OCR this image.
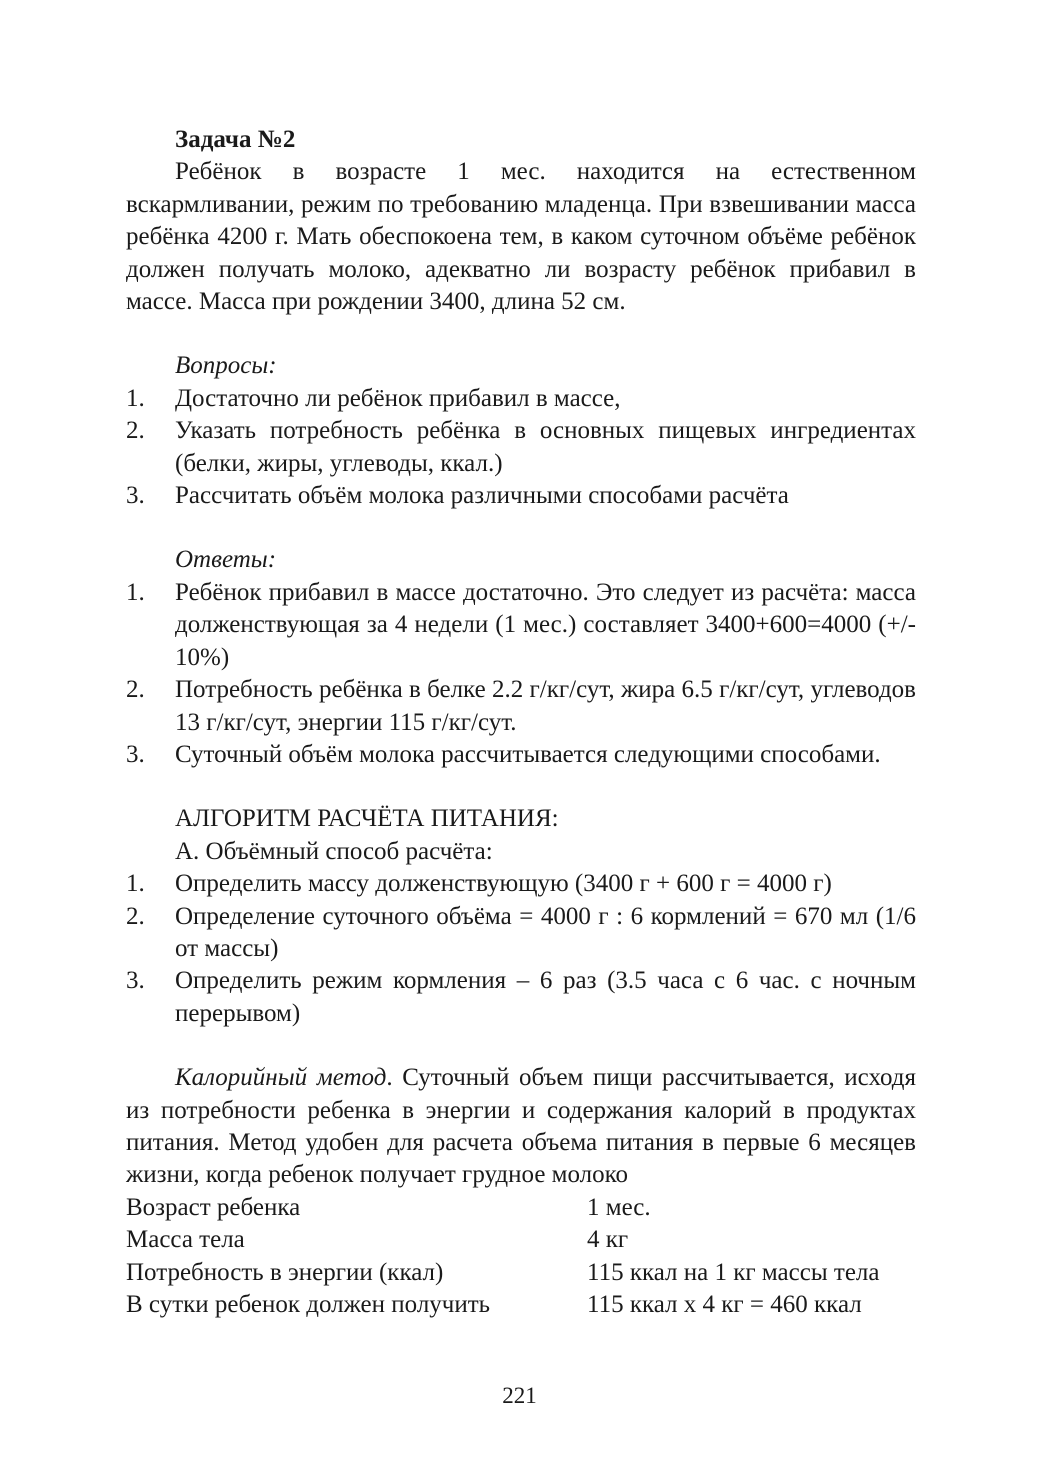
Задача №2
Ребёнок в возрасте 1 мес. находится на естественном вскармливании, режим по требованию младенца. При взвешивании масса ребёнка 4200 г. Мать обеспокоена тем, в каком суточном объёме ребёнок должен получать молоко, адекватно ли возрасту ребёнок прибавил в массе. Масса при рождении 3400, длина 52 см.
Вопросы:
1. Достаточно ли ребёнок прибавил в массе,
2. Указать потребность ребёнка в основных пищевых ингредиентах (белки, жиры, углеводы, ккал.)
3. Рассчитать объём молока различными способами расчёта
Ответы:
1. Ребёнок прибавил в массе достаточно. Это следует из расчёта: масса долженствующая за 4 недели (1 мес.) составляет 3400+600=4000 (+/- 10%)
2. Потребность ребёнка в белке 2.2 г/кг/сут, жира 6.5 г/кг/сут, углеводов 13 г/кг/сут, энергии 115 г/кг/сут.
3. Суточный объём молока рассчитывается следующими способами.
АЛГОРИТМ РАСЧЁТА ПИТАНИЯ:
А. Объёмный способ расчёта:
1. Определить массу долженствующую (3400 г + 600 г = 4000 г)
2. Определение суточного объёма = 4000 г : 6 кормлений = 670 мл (1/6 от массы)
3. Определить режим кормления – 6 раз (3.5 часа с 6 час. с ночным перерывом)
Калорийный метод. Суточный объем пищи рассчитывается, исходя из потребности ребенка в энергии и содержания калорий в продуктах питания. Метод удобен для расчета объема питания в первые 6 месяцев жизни, когда ребенок получает грудное молоко
Возраст ребенка	1 мес.
Масса тела	4 кг
Потребность в энергии (ккал)	115 ккал на 1 кг массы тела
В сутки ребенок должен получить	115 ккал х 4 кг = 460 ккал
221
